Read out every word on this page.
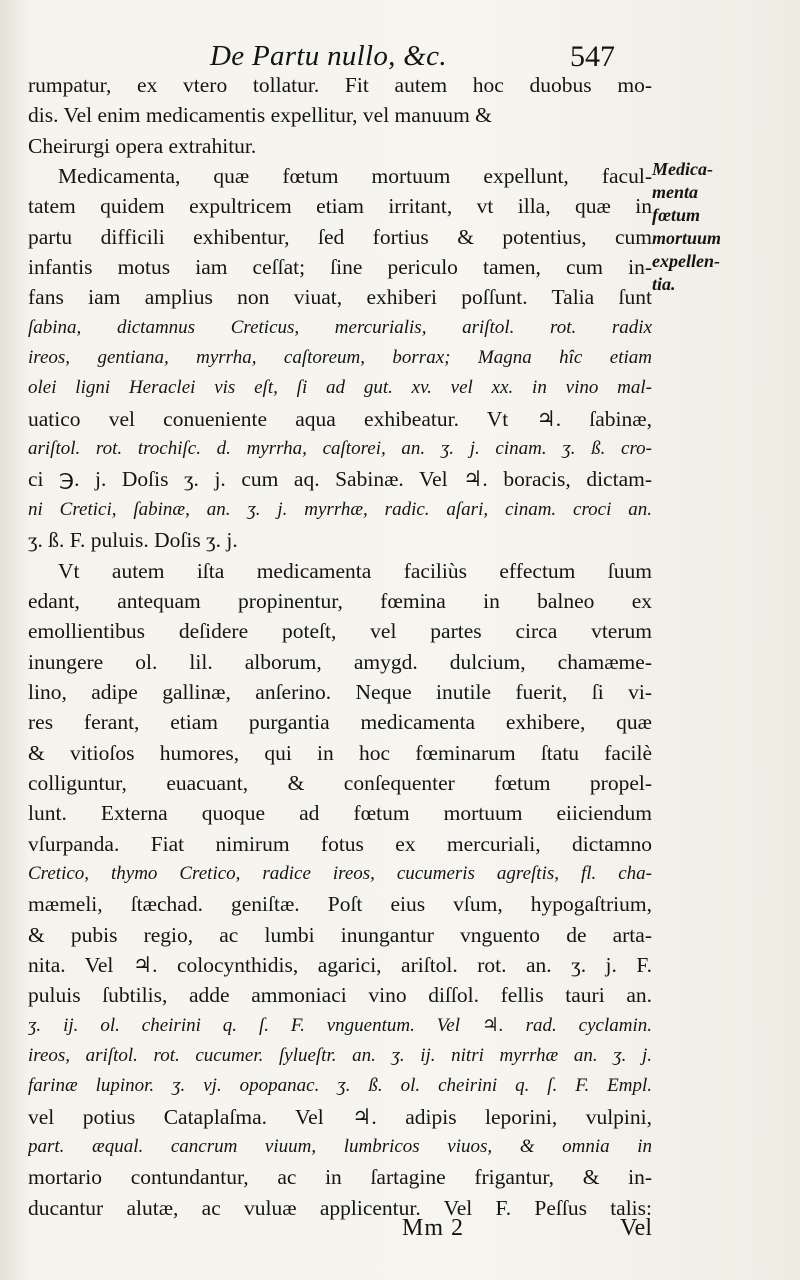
De Partu nullo, &c.	547
rumpatur, ex vtero tollatur. Fit autem hoc duobus mo-
dis. Vel enim medicamentis expellitur, vel manuum &
Cheirurgi opera extrahitur.
Medicamenta, quæ fœtum mortuum expellunt, facul-
tatem quidem expultricem etiam irritant, vt illa, quæ in
partu difficili exhibentur, ſed fortius & potentius, cum
infantis motus iam ceſſat; ſine periculo tamen, cum in-
fans iam amplius non viuat, exhiberi poſſunt. Talia ſunt
ſabina, dictamnus Creticus, mercurialis, ariſtol. rot. radix
ireos, gentiana, myrrha, caſtoreum, borrax; Magna hîc etiam
olei ligni Heraclei vis eſt, ſi ad gut. xv. vel xx. in vino mal-
uatico vel conueniente aqua exhibeatur. Vt ♃. ſabinæ,
ariſtol. rot. trochiſc. d. myrrha, caſtorei, an. ʒ. j. cinam. ʒ. ß. cro-
ci ℈. j. Doſis ʒ. j. cum aq. Sabinæ. Vel ♃. boracis, dictam-
ni Cretici, ſabinæ, an. ʒ. j. myrrhæ, radic. aſari, cinam. croci an.
ʒ. ß. F. puluis. Doſis ʒ. j.
Vt autem iſta medicamenta faciliùs effectum ſuum
edant, antequam propinentur, fœmina in balneo ex
emollientibus deſidere poteſt, vel partes circa vterum
inungere ol. lil. alborum, amygd. dulcium, chamæme-
lino, adipe gallinæ, anſerino. Neque inutile fuerit, ſi vi-
res ferant, etiam purgantia medicamenta exhibere, quæ
& vitioſos humores, qui in hoc fœminarum ſtatu facilè
colliguntur, euacuant, & conſequenter fœtum propel-
lunt. Externa quoque ad fœtum mortuum eiiciendum
vſurpanda. Fiat nimirum fotus ex mercuriali, dictamno
Cretico, thymo Cretico, radice ireos, cucumeris agreſtis, fl. cha-
mæmeli, ſtæchad. geniſtæ. Poſt eius vſum, hypogaſtrium,
& pubis regio, ac lumbi inungantur vnguento de arta-
nita. Vel ♃. colocynthidis, agarici, ariſtol. rot. an. ʒ. j. F.
puluis ſubtilis, adde ammoniaci vino diſſol. fellis tauri an.
ʒ. ij. ol. cheirini q. ſ. F. vnguentum. Vel ♃. rad. cyclamin.
ireos, ariſtol. rot. cucumer. ſylueſtr. an. ʒ. ij. nitri myrrhæ an. ʒ. j.
farinæ lupinor. ʒ. vj. opopanac. ʒ. ß. ol. cheirini q. ſ. F. Empl.
vel potius Cataplaſma. Vel ♃. adipis leporini, vulpini,
part. æqual. cancrum viuum, lumbricos viuos, & omnia in
mortario contundantur, ac in ſartagine frigantur, & in-
ducantur alutæ, ac vuluæ applicentur. Vel F. Peſſus talis:
Medica-
menta
fœtum
mortuum
expellen-
tia.
Mm 2	Vel
